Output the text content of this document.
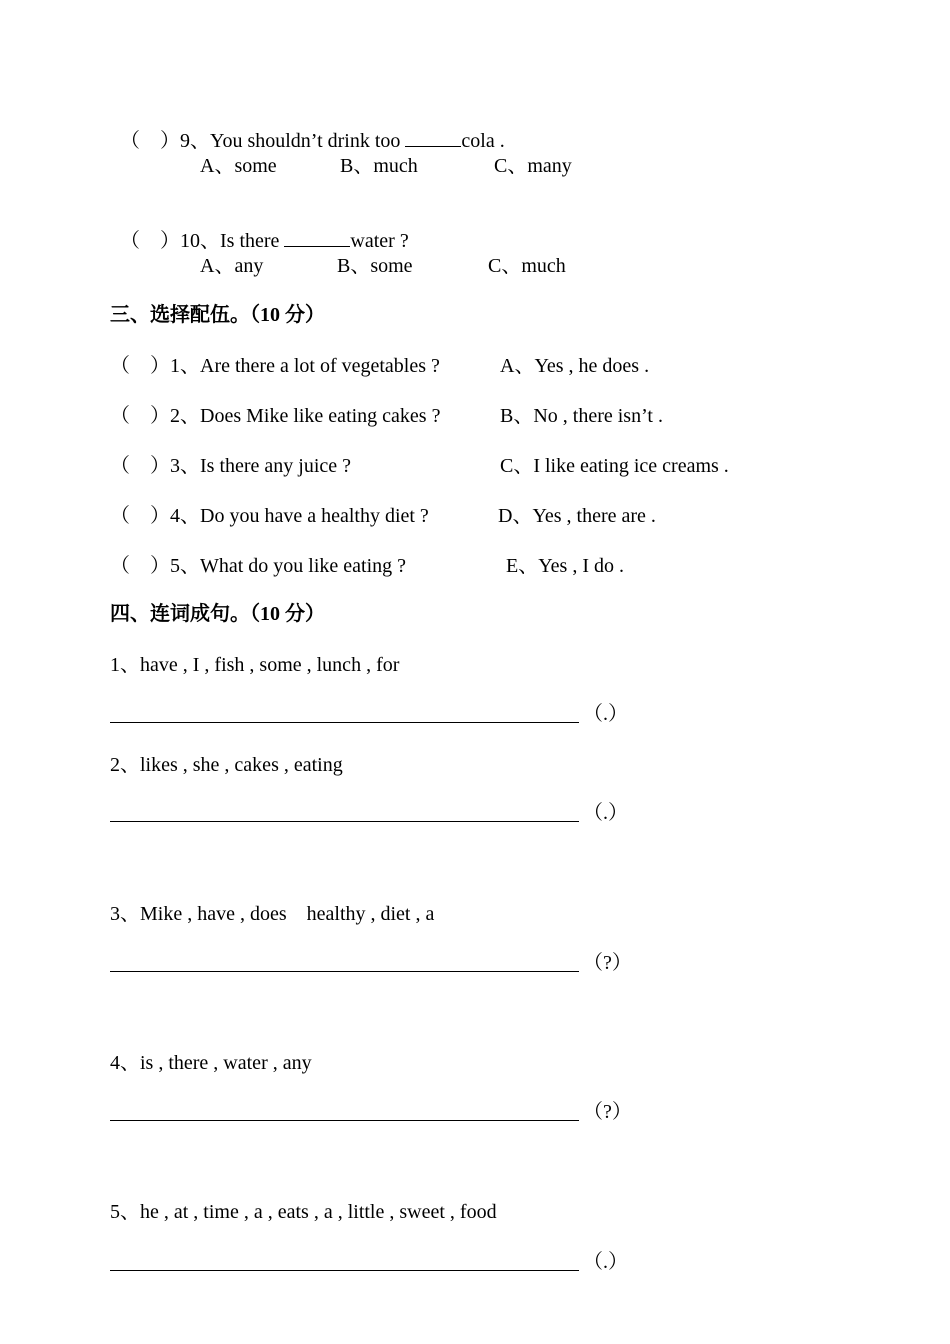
（    ）9、You shouldn’t drink too	cola .

A、some	B、much	C、many

（    ）10、Is there	water ?

A、any	B、some	C、much
三、选择配伍。（10 分）
（    ）1、Are there a lot of vegetables ?	A、Yes , he does .
（    ）2、Does Mike like eating cakes ?	B、No , there isn’t .
（    ）3、Is there any juice ?	C、I like eating ice creams .
（    ）4、Do you have a healthy diet ?	D、Yes , there are .
（    ）5、What do you like eating ?	E、Yes , I do .
四、连词成句。（10 分）
1、have , I , fish , some , lunch , for
（.）
2、likes , she , cakes , eating
（.）
3、Mike , have , does    healthy , diet , a
（?）
4、is , there , water , any
（?）
5、he , at , time , a , eats , a , little , sweet , food
（.）
